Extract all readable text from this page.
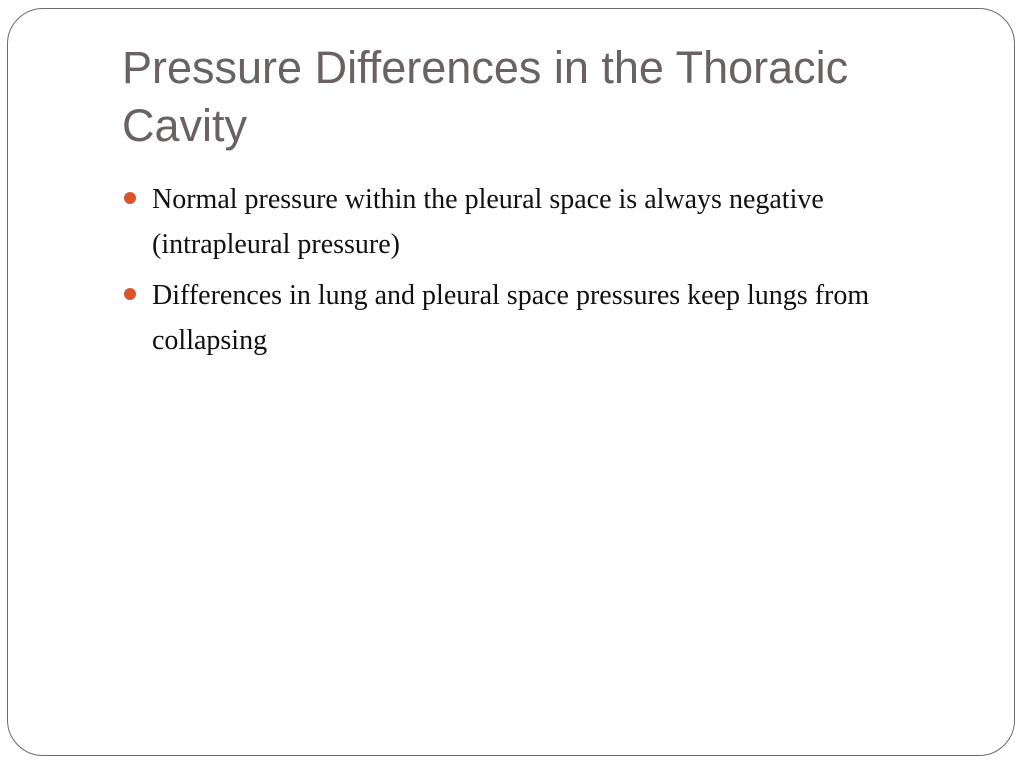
Pressure Differences in the Thoracic Cavity
Normal pressure within the pleural space is always negative (intrapleural pressure)
Differences in lung and pleural space pressures keep lungs from collapsing
